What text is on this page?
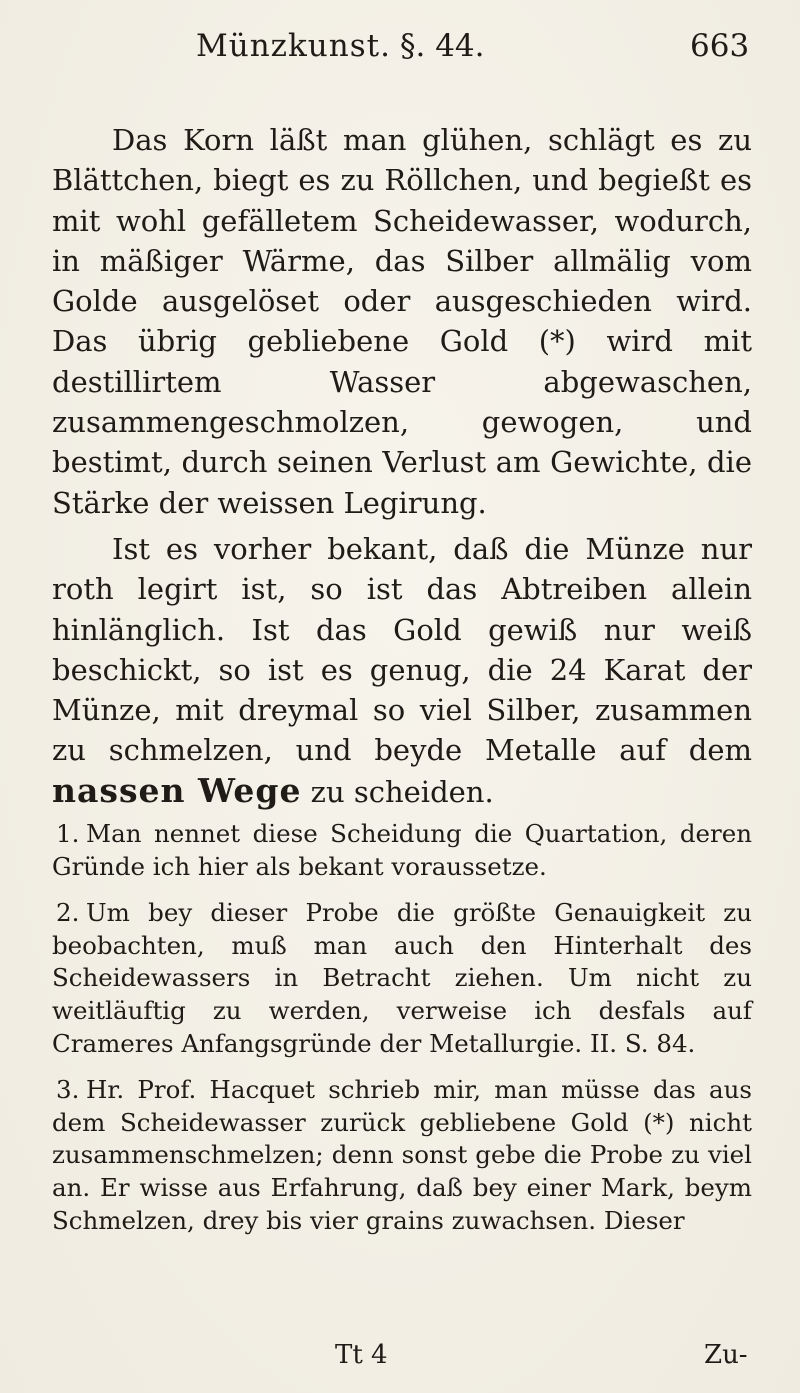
Münzkunst. §. 44.	663

Das Korn läßt man glühen, schlägt es zu Blättchen, biegt es zu Röllchen, und begießt es mit wohl gefälletem Scheidewasser, wodurch, in mäßiger Wärme, das Silber allmälig vom Golde ausgelöset oder ausgeschieden wird. Das übrig gebliebene Gold (*) wird mit destillirtem Wasser abgewaschen, zusammengeschmolzen, gewogen, und bestimt, durch seinen Verlust am Gewichte, die Stärke der weissen Legirung.

Ist es vorher bekant, daß die Münze nur roth legirt ist, so ist das Abtreiben allein hinlänglich. Ist das Gold gewiß nur weiß beschickt, so ist es genug, die 24 Karat der Münze, mit dreymal so viel Silber, zusammen zu schmelzen, und beyde Metalle auf dem nassen Wege zu scheiden.

1. Man nennet diese Scheidung die Quartation, deren Gründe ich hier als bekant voraussetze.

2. Um bey dieser Probe die größte Genauigkeit zu beobachten, muß man auch den Hinterhalt des Scheidewassers in Betracht ziehen. Um nicht zu weitläuftig zu werden, verweise ich desfals auf Crameres Anfangsgründe der Metallurgie. II. S. 84.

3. Hr. Prof. Hacquet schrieb mir, man müsse das aus dem Scheidewasser zurück gebliebene Gold (*) nicht zusammenschmelzen; denn sonst gebe die Probe zu viel an. Er wisse aus Erfahrung, daß bey einer Mark, beym Schmelzen, drey bis vier grains zuwachsen. Dieser

Tt 4	Zu-
